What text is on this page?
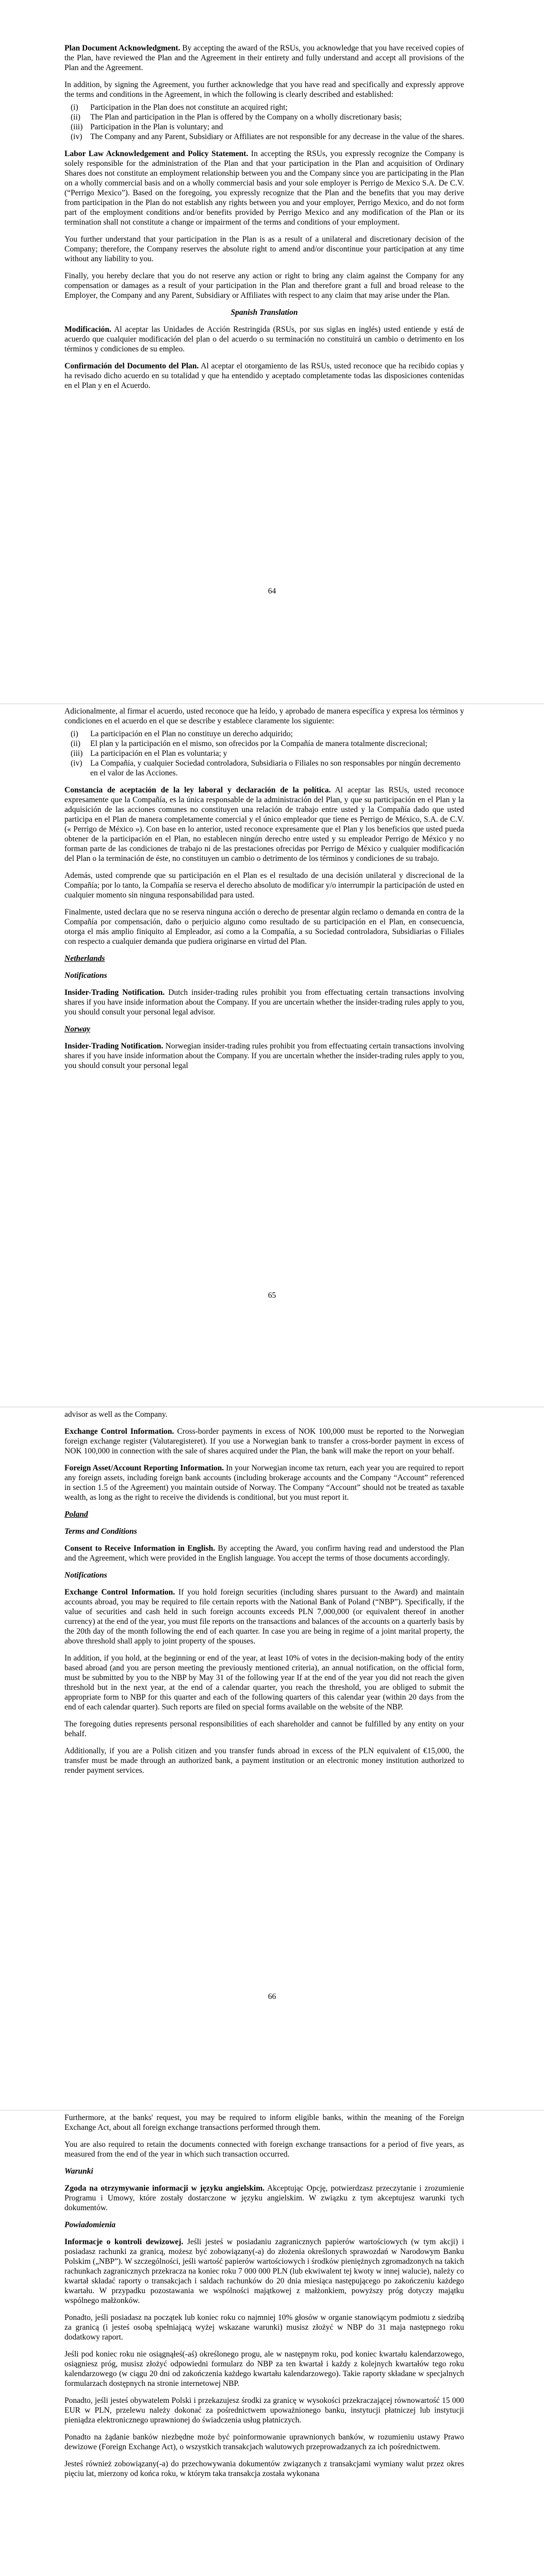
Plan Document Acknowledgment. By accepting the award of the RSUs, you acknowledge that you have received copies of the Plan, have reviewed the Plan and the Agreement in their entirety and fully understand and accept all provisions of the Plan and the Agreement.

In addition, by signing the Agreement, you further acknowledge that you have read and specifically and expressly approve the terms and conditions in the Agreement, in which the following is clearly described and established:

(i) Participation in the Plan does not constitute an acquired right;
(ii) The Plan and participation in the Plan is offered by the Company on a wholly discretionary basis;
(iii) Participation in the Plan is voluntary; and
(iv) The Company and any Parent, Subsidiary or Affiliates are not responsible for any decrease in the value of the shares.

Labor Law Acknowledgement and Policy Statement. In accepting the RSUs, you expressly recognize the Company is solely responsible for the administration of the Plan and that your participation in the Plan and acquisition of Ordinary Shares does not constitute an employment relationship between you and the Company since you are participating in the Plan on a wholly commercial basis and on a wholly commercial basis and your sole employer is Perrigo de Mexico S.A. De C.V. (“Perrigo Mexico”). Based on the foregoing, you expressly recognize that the Plan and the benefits that you may derive from participation in the Plan do not establish any rights between you and your employer, Perrigo Mexico, and do not form part of the employment conditions and/or benefits provided by Perrigo Mexico and any modification of the Plan or its termination shall not constitute a change or impairment of the terms and conditions of your employment.

You further understand that your participation in the Plan is as a result of a unilateral and discretionary decision of the Company; therefore, the Company reserves the absolute right to amend and/or discontinue your participation at any time without any liability to you.

Finally, you hereby declare that you do not reserve any action or right to bring any claim against the Company for any compensation or damages as a result of your participation in the Plan and therefore grant a full and broad release to the Employer, the Company and any Parent, Subsidiary or Affiliates with respect to any claim that may arise under the Plan.

Spanish Translation

Modificación. Al aceptar las Unidades de Acción Restringida (RSUs, por sus siglas en inglés) usted entiende y está de acuerdo que cualquier modificación del plan o del acuerdo o su terminación no constituirá un cambio o detrimento en los términos y condiciones de su empleo.

Confirmación del Documento del Plan. Al aceptar el otorgamiento de las RSUs, usted reconoce que ha recibido copias y ha revisado dicho acuerdo en su totalidad y que ha entendido y aceptado completamente todas las disposiciones contenidas en el Plan y en el Acuerdo.

64

Adicionalmente, al firmar el acuerdo, usted reconoce que ha leído, y aprobado de manera específica y expresa los términos y condiciones en el acuerdo en el que se describe y establece claramente los siguiente:

(i) La participación en el Plan no constituye un derecho adquirido;
(ii) El plan y la participación en el mismo, son ofrecidos por la Compañía de manera totalmente discrecional;
(iii) La participación en el Plan es voluntaria; y
(iv) La Compañía, y cualquier Sociedad controladora, Subsidiaria o Filiales no son responsables por ningún decremento en el valor de las Acciones.

Constancia de aceptación de la ley laboral y declaración de la política. Al aceptar las RSUs, usted reconoce expresamente que la Compañía, es la única responsable de la administración del Plan, y que su participación en el Plan y la adquisición de las acciones comunes no constituyen una relación de trabajo entre usted y la Compañía dado que usted participa en el Plan de manera completamente comercial y el único empleador que tiene es Perrigo de México, S.A. de C.V. (« Perrigo de México »). Con base en lo anterior, usted reconoce expresamente que el Plan y los beneficios que usted pueda obtener de la participación en el Plan, no establecen ningún derecho entre usted y su empleador Perrigo de México y no forman parte de las condiciones de trabajo ni de las prestaciones ofrecidas por Perrigo de México y cualquier modificación del Plan o la terminación de éste, no constituyen un cambio o detrimento de los términos y condiciones de su trabajo.

Además, usted comprende que su participación en el Plan es el resultado de una decisión unilateral y discrecional de la Compañía; por lo tanto, la Compañía se reserva el derecho absoluto de modificar y/o interrumpir la participación de usted en cualquier momento sin ninguna responsabilidad para usted.

Finalmente, usted declara que no se reserva ninguna acción o derecho de presentar algún reclamo o demanda en contra de la Compañía por compensación, daño o perjuicio alguno como resultado de su participación en el Plan, en consecuencia, otorga el más amplio finiquito al Empleador, así como a la Compañía, a su Sociedad controladora, Subsidiarias o Filiales con respecto a cualquier demanda que pudiera originarse en virtud del Plan.

Netherlands

Notifications

Insider-Trading Notification. Dutch insider-trading rules prohibit you from effectuating certain transactions involving shares if you have inside information about the Company. If you are uncertain whether the insider-trading rules apply to you, you should consult your personal legal advisor.

Norway

Insider-Trading Notification. Norwegian insider-trading rules prohibit you from effectuating certain transactions involving shares if you have inside information about the Company. If you are uncertain whether the insider-trading rules apply to you, you should consult your personal legal

65

advisor as well as the Company.

Exchange Control Information. Cross-border payments in excess of NOK 100,000 must be reported to the Norwegian foreign exchange register (Valutaregisteret). If you use a Norwegian bank to transfer a cross-border payment in excess of NOK 100,000 in connection with the sale of shares acquired under the Plan, the bank will make the report on your behalf.

Foreign Asset/Account Reporting Information. In your Norwegian income tax return, each year you are required to report any foreign assets, including foreign bank accounts (including brokerage accounts and the Company “Account” referenced in section 1.5 of the Agreement) you maintain outside of Norway. The Company “Account” should not be treated as taxable wealth, as long as the right to receive the dividends is conditional, but you must report it.

Poland

Terms and Conditions

Consent to Receive Information in English. By accepting the Award, you confirm having read and understood the Plan and the Agreement, which were provided in the English language. You accept the terms of those documents accordingly.

Notifications

Exchange Control Information. If you hold foreign securities (including shares pursuant to the Award) and maintain accounts abroad, you may be required to file certain reports with the National Bank of Poland (“NBP”). Specifically, if the value of securities and cash held in such foreign accounts exceeds PLN 7,000,000 (or equivalent thereof in another currency) at the end of the year, you must file reports on the transactions and balances of the accounts on a quarterly basis by the 20th day of the month following the end of each quarter. In case you are being in regime of a joint marital property, the above threshold shall apply to joint property of the spouses.

In addition, if you hold, at the beginning or end of the year, at least 10% of votes in the decision-making body of the entity based abroad (and you are person meeting the previously mentioned criteria), an annual notification, on the official form, must be submitted by you to the NBP by May 31 of the following year If at the end of the year you did not reach the given threshold but in the next year, at the end of a calendar quarter, you reach the threshold, you are obliged to submit the appropriate form to NBP for this quarter and each of the following quarters of this calendar year (within 20 days from the end of each calendar quarter). Such reports are filed on special forms available on the website of the NBP.

The foregoing duties represents personal responsibilities of each shareholder and cannot be fulfilled by any entity on your behalf.

Additionally, if you are a Polish citizen and you transfer funds abroad in excess of the PLN equivalent of €15,000, the transfer must be made through an authorized bank, a payment institution or an electronic money institution authorized to render payment services.

66

Furthermore, at the banks' request, you may be required to inform eligible banks, within the meaning of the Foreign Exchange Act, about all foreign exchange transactions performed through them.

You are also required to retain the documents connected with foreign exchange transactions for a period of five years, as measured from the end of the year in which such transaction occurred.

Warunki

Zgoda na otrzymywanie informacji w języku angielskim. Akceptując Opcję, potwierdzasz przeczytanie i zrozumienie Programu i Umowy, które zostały dostarczone w języku angielskim. W związku z tym akceptujesz warunki tych dokumentów.

Powiadomienia

Informacje o kontroli dewizowej. Jeśli jesteś w posiadaniu zagranicznych papierów wartościowych (w tym akcji) i posiadasz rachunki za granicą, możesz być zobowiązany(-a) do złożenia określonych sprawozdań w Narodowym Banku Polskim („NBP”). W szczególności, jeśli wartość papierów wartościowych i środków pieniężnych zgromadzonych na takich rachunkach zagranicznych przekracza na koniec roku 7 000 000 PLN (lub ekwiwalent tej kwoty w innej walucie), należy co kwartał składać raporty o transakcjach i saldach rachunków do 20 dnia miesiąca następującego po zakończeniu każdego kwartału. W przypadku pozostawania we wspólności majątkowej z małżonkiem, powyższy próg dotyczy majątku wspólnego małżonków.

Ponadto, jeśli posiadasz na początek lub koniec roku co najmniej 10% głosów w organie stanowiącym podmiotu z siedzibą za granicą (i jesteś osobą spełniającą wyżej wskazane warunki) musisz złożyć w NBP do 31 maja następnego roku dodatkowy raport.

Jeśli pod koniec roku nie osiągnąłeś(-aś) określonego progu, ale w następnym roku, pod koniec kwartału kalendarzowego, osiągniesz próg, musisz złożyć odpowiedni formularz do NBP za ten kwartał i każdy z kolejnych kwartałów tego roku kalendarzowego (w ciągu 20 dni od zakończenia każdego kwartału kalendarzowego). Takie raporty składane w specjalnych formularzach dostępnych na stronie internetowej NBP.

Ponadto, jeśli jesteś obywatelem Polski i przekazujesz środki za granicę w wysokości przekraczającej równowartość 15 000 EUR w PLN, przelewu należy dokonać za pośrednictwem upoważnionego banku, instytucji płatniczej lub instytucji pieniądza elektronicznego uprawnionej do świadczenia usług płatniczych.

Ponadto na żądanie banków niezbędne może być poinformowanie uprawnionych banków, w rozumieniu ustawy Prawo dewizowe (Foreign Exchange Act), o wszystkich transakcjach walutowych przeprowadzanych za ich pośrednictwem.

Jesteś również zobowiązany(-a) do przechowywania dokumentów związanych z transakcjami wymiany walut przez okres pięciu lat, mierzony od końca roku, w którym taka transakcja została wykonana
